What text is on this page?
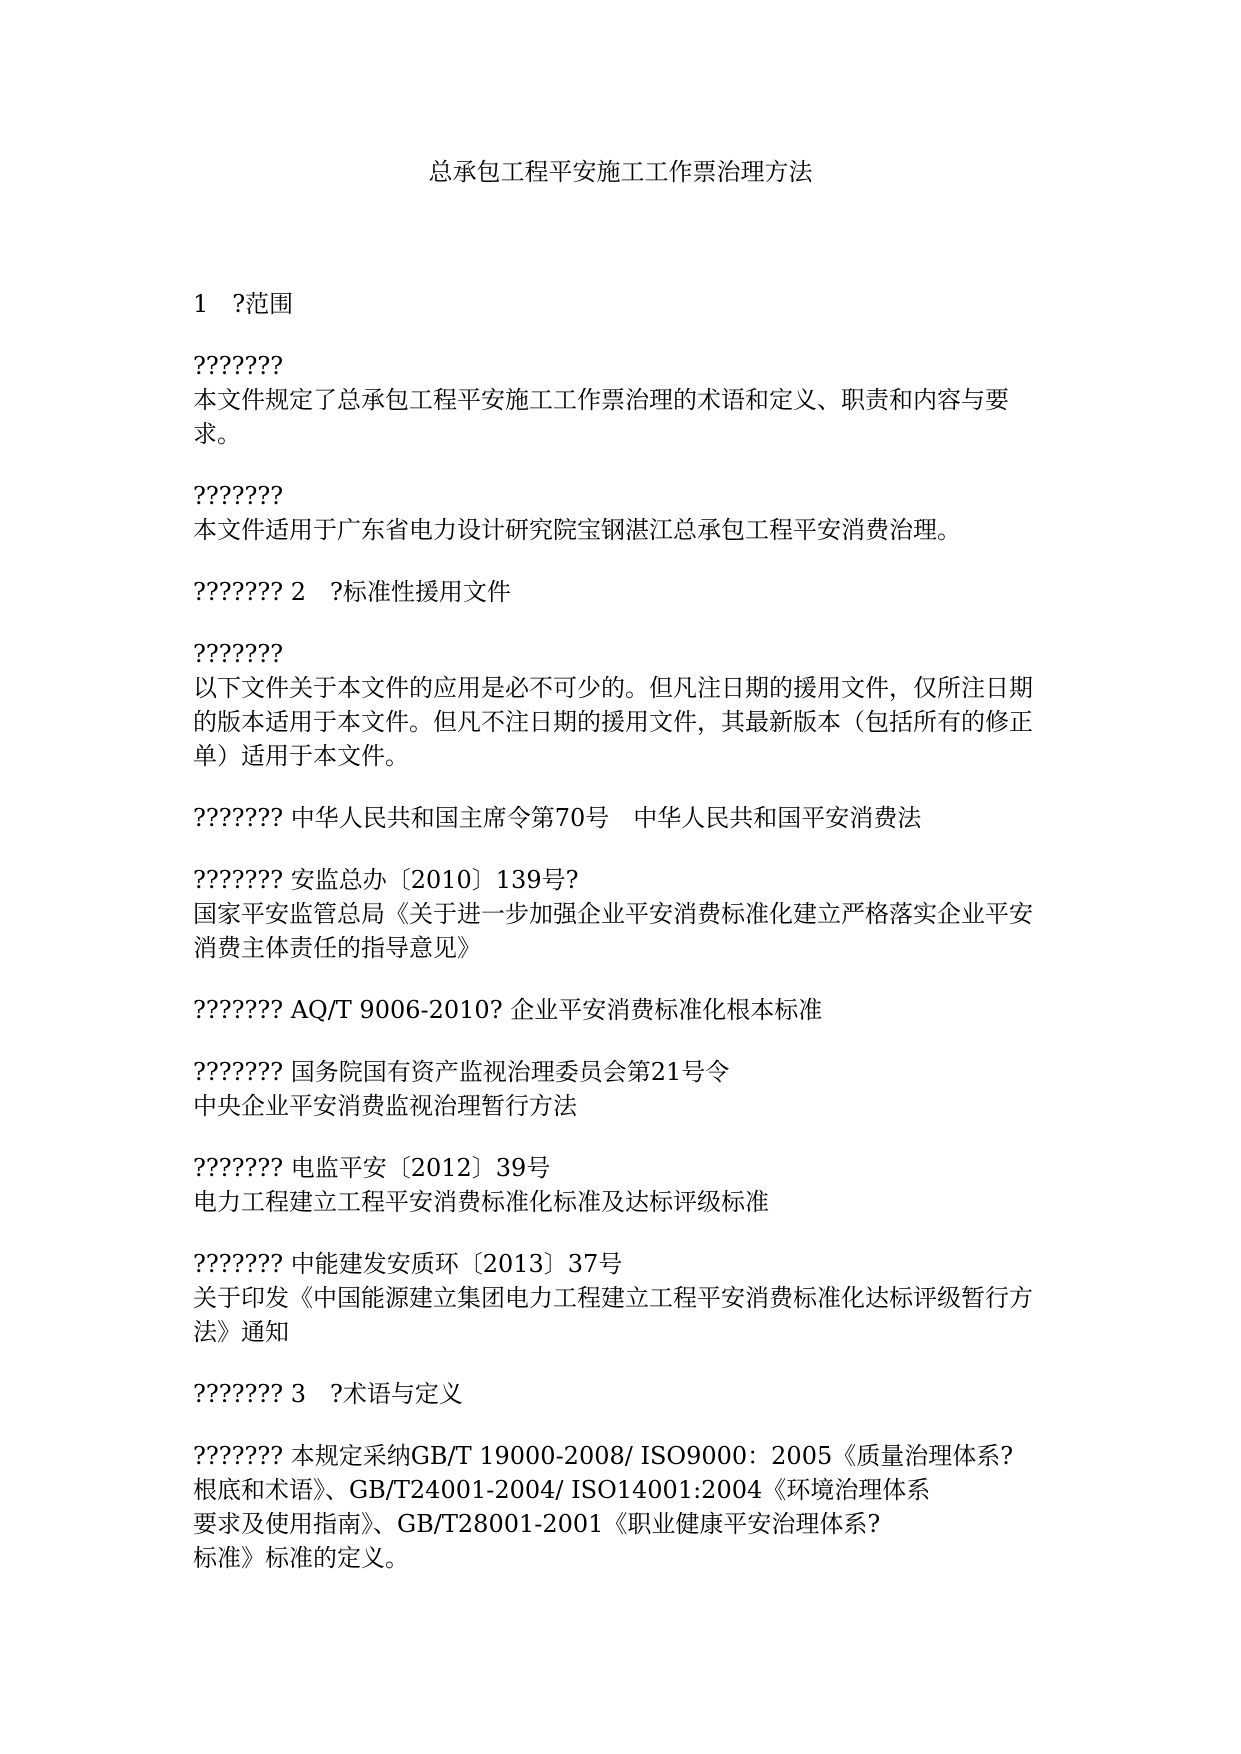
总承包工程平安施工工作票治理方法
1　?范围
???????
本文件规定了总承包工程平安施工工作票治理的术语和定义、职责和内容与要求。
???????
本文件适用于广东省电力设计研究院宝钢湛江总承包工程平安消费治理。
??????? 2　?标准性援用文件
???????
以下文件关于本文件的应用是必不可少的。但凡注日期的援用文件，仅所注日期的版本适用于本文件。但凡不注日期的援用文件，其最新版本（包括所有的修正单）适用于本文件。
??????? 中华人民共和国主席令第70号　中华人民共和国平安消费法
??????? 安监总办〔2010〕139号?
国家平安监管总局《关于进一步加强企业平安消费标准化建立严格落实企业平安消费主体责任的指导意见》
??????? AQ/T 9006-2010? 企业平安消费标准化根本标准
??????? 国务院国有资产监视治理委员会第21号令
中央企业平安消费监视治理暂行方法
??????? 电监平安〔2012〕39号
电力工程建立工程平安消费标准化标准及达标评级标准
??????? 中能建发安质环〔2013〕37号
关于印发《中国能源建立集团电力工程建立工程平安消费标准化达标评级暂行方法》通知
??????? 3　?术语与定义
??????? 本规定采纳GB/T 19000-2008/ ISO9000：2005《质量治理体系?
根底和术语》、GB/T24001-2004/ ISO14001:2004《环境治理体系
要求及使用指南》、GB/T28001-2001《职业健康平安治理体系?
标准》标准的定义。
